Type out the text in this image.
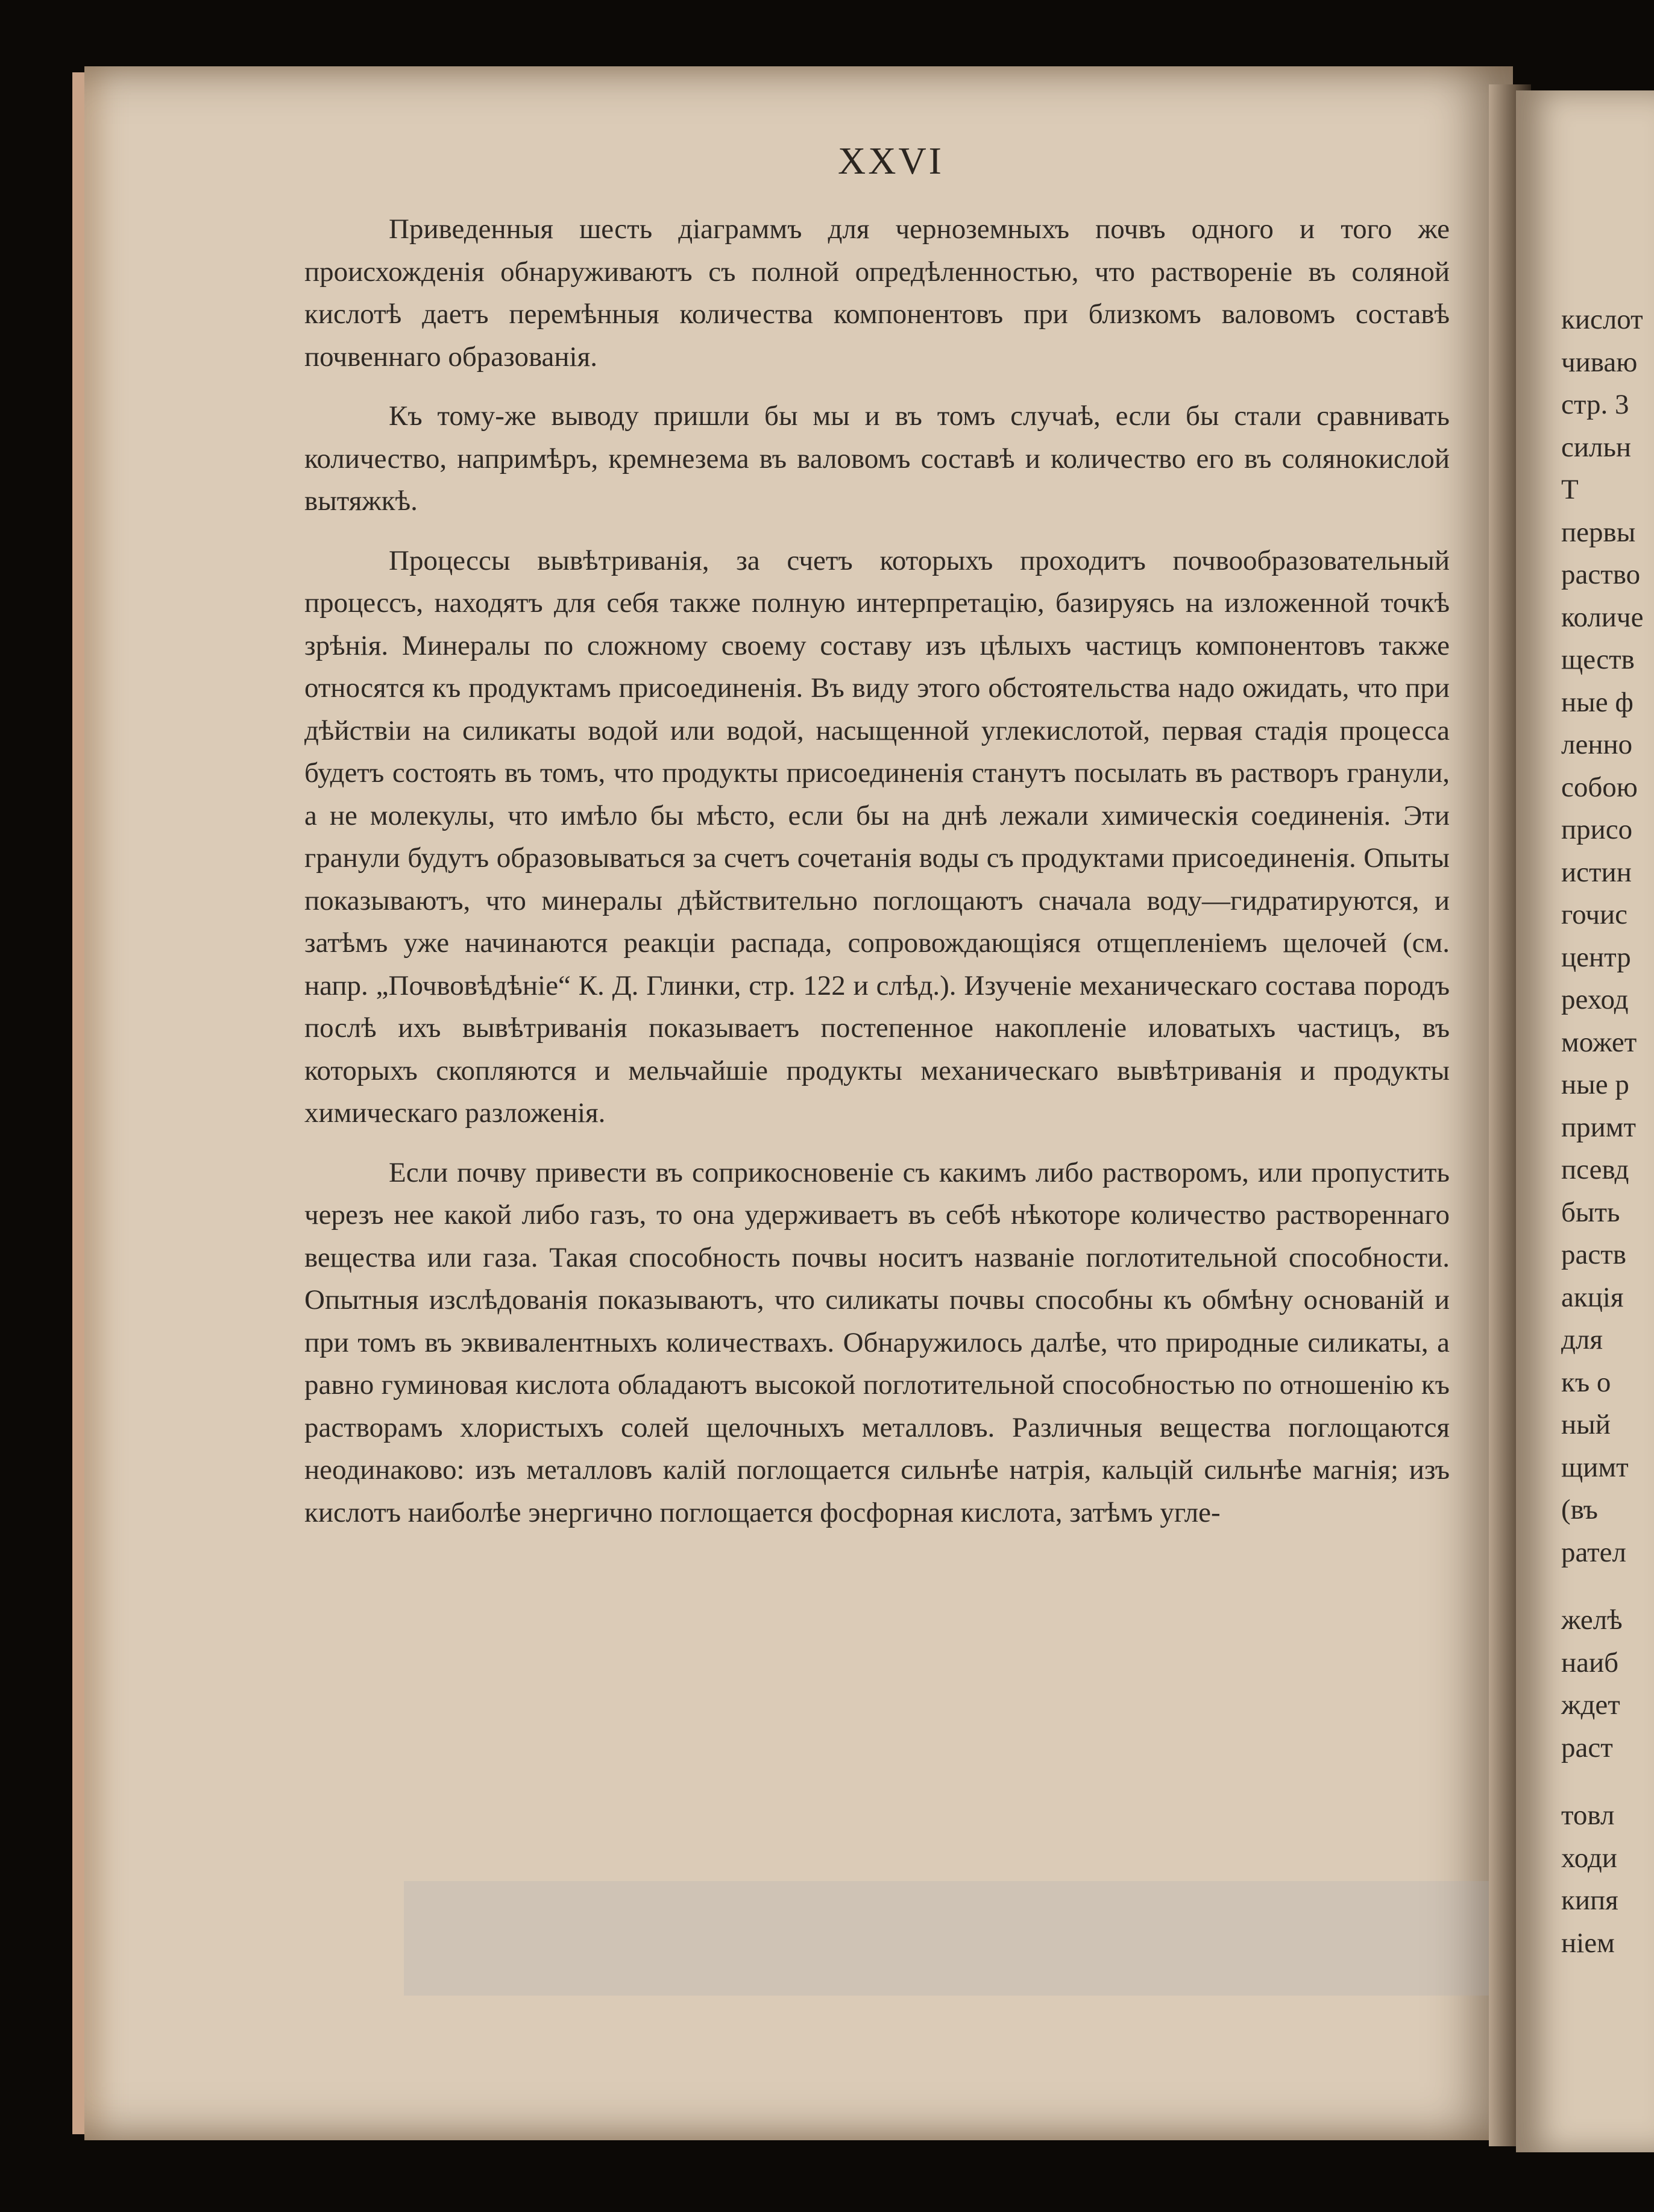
XXVI

Приведенныя шесть діаграммъ для черноземныхъ почвъ одного и того же происхожденія обнаруживаютъ съ полной опредѣленностью, что раствореніе въ соляной кислотѣ даетъ перемѣнныя количества компонентовъ при близкомъ валовомъ составѣ почвеннаго образованія.

Къ тому-же выводу пришли бы мы и въ томъ случаѣ, если бы стали сравнивать количество, напримѣръ, кремнезема въ валовомъ составѣ и количество его въ солянокислой вытяжкѣ.

Процессы вывѣтриванія, за счетъ которыхъ проходитъ почвообразовательный процессъ, находятъ для себя также полную интерпретацію, базируясь на изложенной точкѣ зрѣнія. Минералы по сложному своему составу изъ цѣлыхъ частицъ компонентовъ также относятся къ продуктамъ присоединенія. Въ виду этого обстоятельства надо ожидать, что при дѣйствіи на силикаты водой или водой, насыщенной углекислотой, первая стадія процесса будетъ состоять въ томъ, что продукты присоединенія станутъ посылать въ растворъ гранули, а не молекулы, что имѣло бы мѣсто, если бы на днѣ лежали химическія соединенія. Эти гранули будутъ образовываться за счетъ сочетанія воды съ продуктами присоединенія. Опыты показываютъ, что минералы дѣйствительно поглощаютъ сначала воду—гидратируются, и затѣмъ уже начинаются реакціи распада, сопровождающіяся отщепленіемъ щелочей (см. напр. „Почвовѣдѣніе“ К. Д. Глинки, стр. 122 и слѣд.). Изученіе механическаго состава породъ послѣ ихъ вывѣтриванія показываетъ постепенное накопленіе иловатыхъ частицъ, въ которыхъ скопляются и мельчайшіе продукты механическаго вывѣтриванія и продукты химическаго разложенія.

Если почву привести въ соприкосновеніе съ какимъ либо растворомъ, или пропустить черезъ нее какой либо газъ, то она удерживаетъ въ себѣ нѣкоторе количество раствореннаго вещества или газа. Такая способность почвы носитъ названіе поглотительной способности. Опытныя изслѣдованія показываютъ, что силикаты почвы способны къ обмѣну основаній и при томъ въ эквивалентныхъ количествахъ. Обнаружилось далѣе, что природные силикаты, а равно гуминовая кислота обладаютъ высокой поглотительной способностью по отношенію къ растворамъ хлористыхъ солей щелочныхъ металловъ. Различныя вещества поглощаются неодинаково: изъ металловъ калій поглощается сильнѣе натрія, кальцій сильнѣе магнія; изъ кислотъ наиболѣе энергично поглощается фосфорная кислота, затѣмъ угле-

кислот
чиваю
стр. 3
сильн
Т
первы
раство
количе
ществ
ные ф
ленно
собою
присо
истин
гочис
центр
реход
может
ные р
примт
псевд
быть
раств
акція
для
къ о
ный
щимт
(въ
рател
желѣ
наиб
ждет
раст
товл
ходи
кипя
ніем
